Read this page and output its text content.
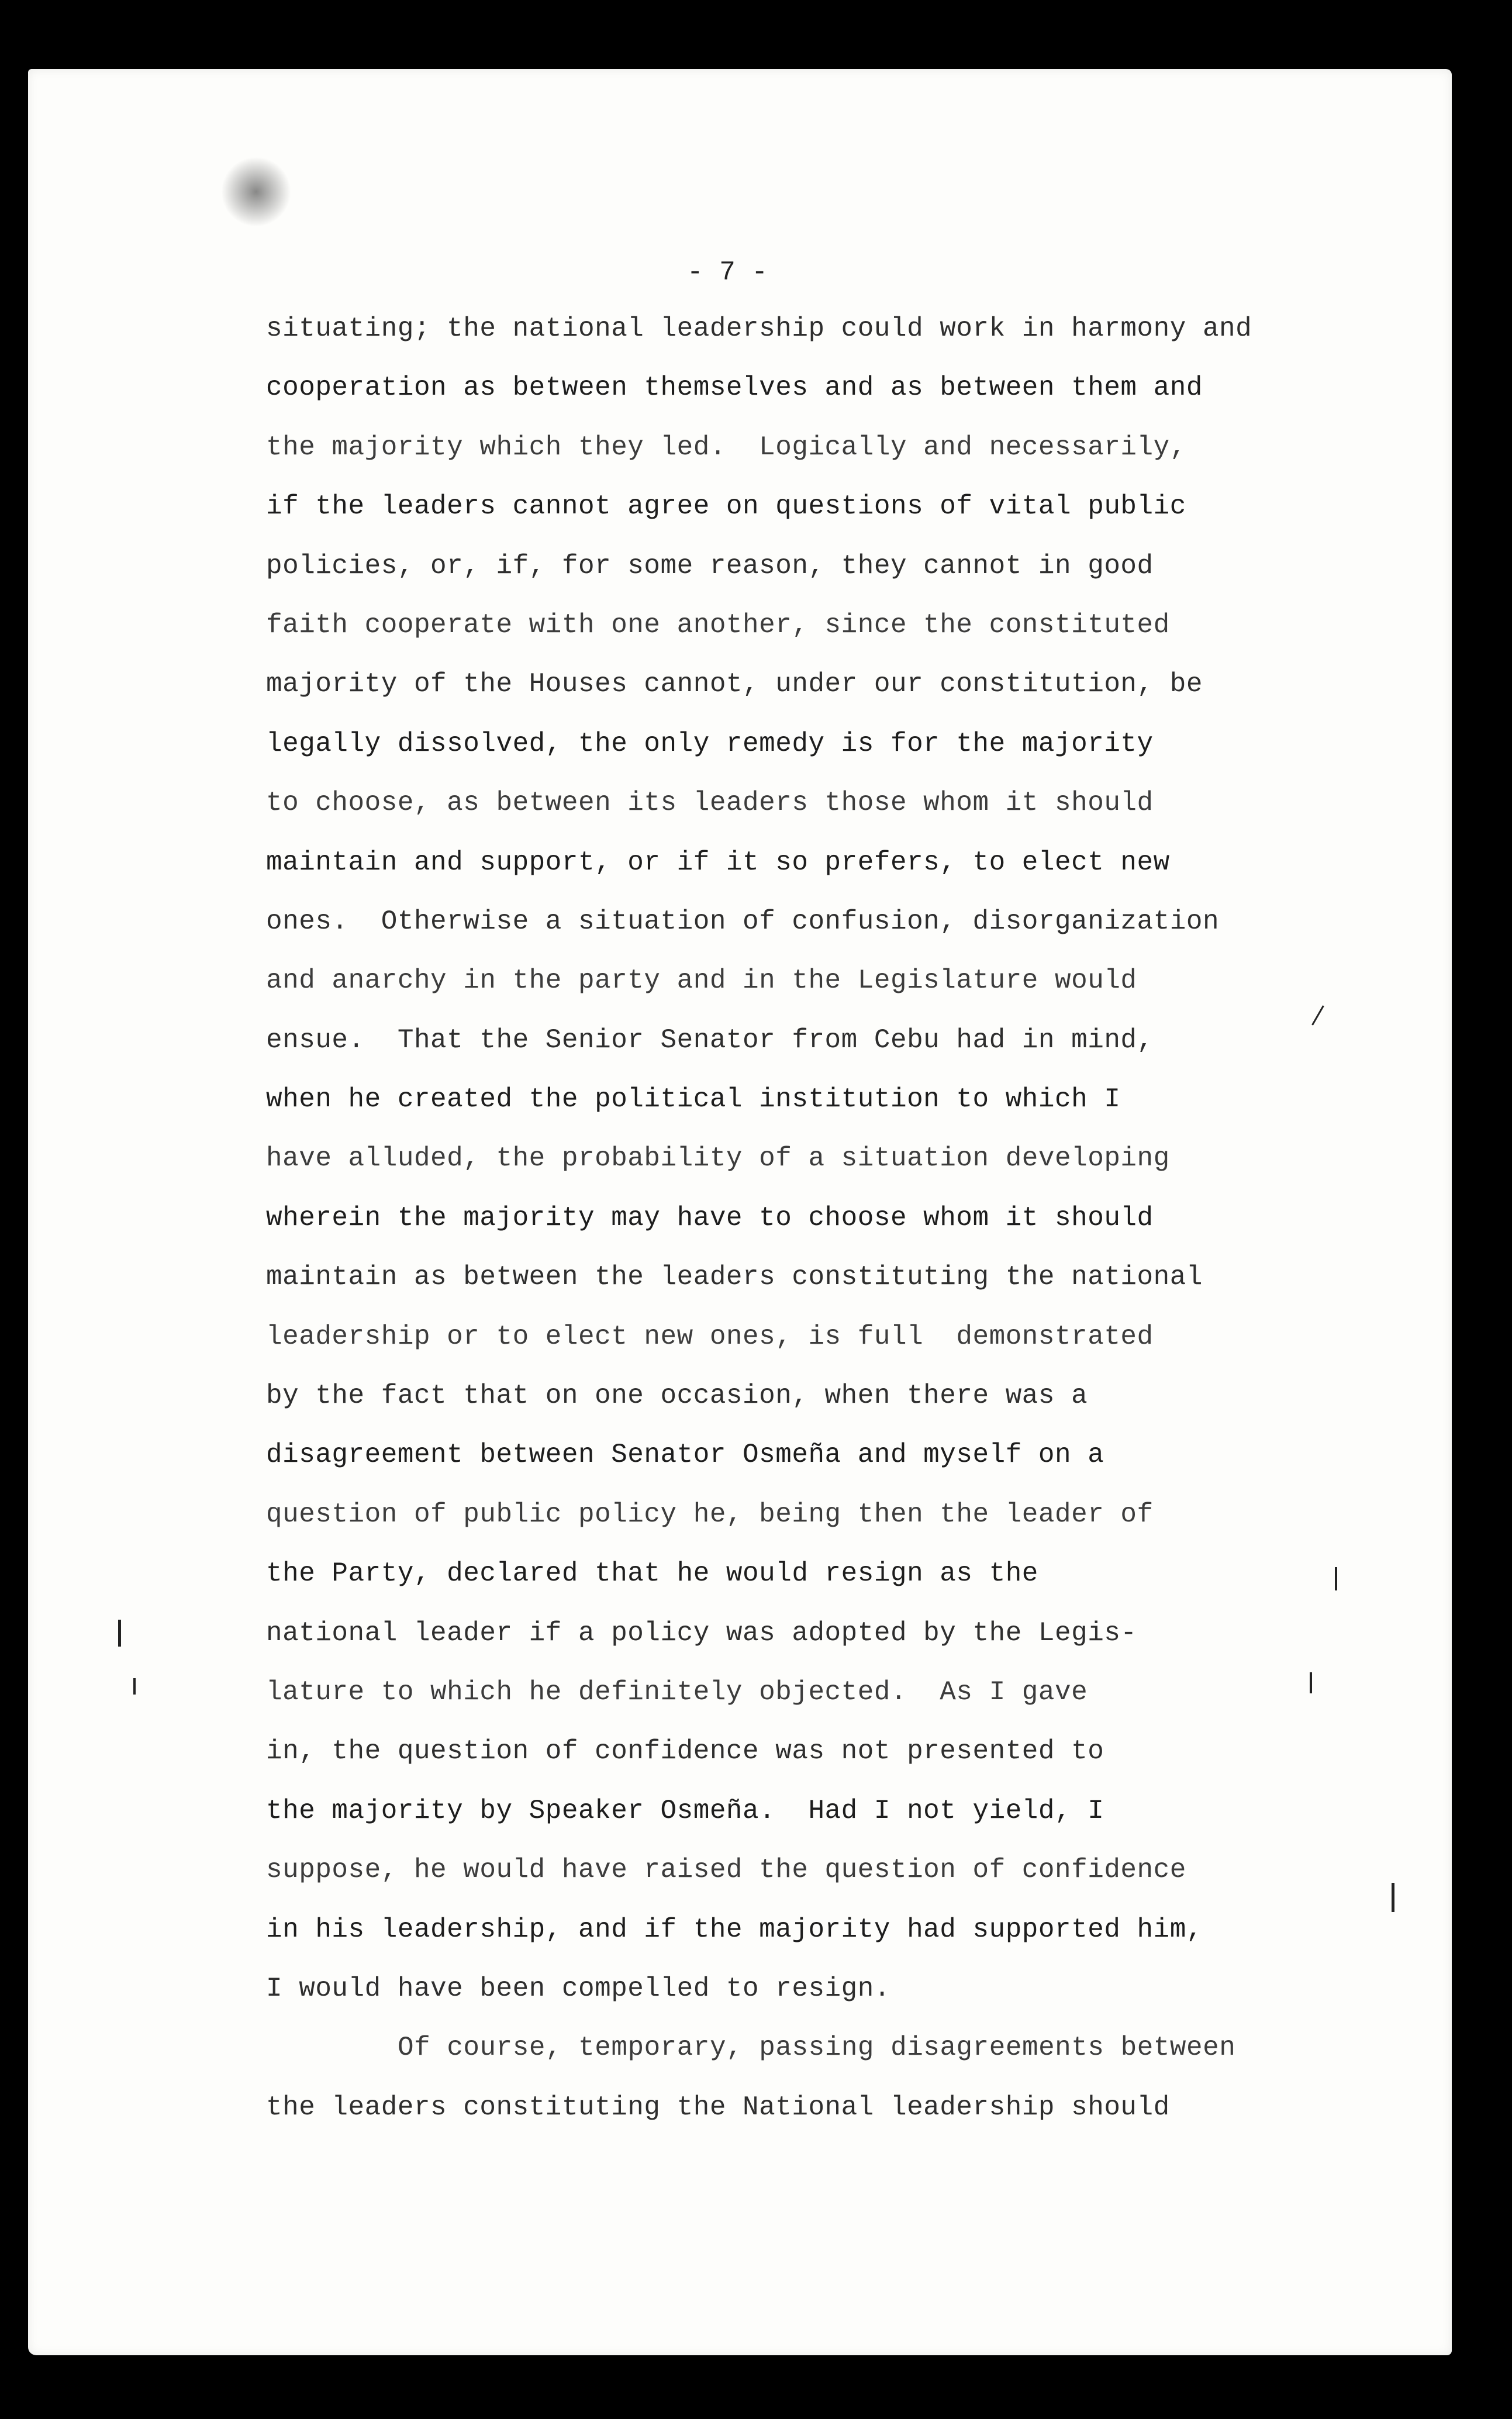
- 7 -
situating; the national leadership could work in harmony and
cooperation as between themselves and as between them and
the majority which they led.  Logically and necessarily,
if the leaders cannot agree on questions of vital public
policies, or, if, for some reason, they cannot in good
faith cooperate with one another, since the constituted
majority of the Houses cannot, under our constitution, be
legally dissolved, the only remedy is for the majority
to choose, as between its leaders those whom it should
maintain and support, or if it so prefers, to elect new
ones.  Otherwise a situation of confusion, disorganization
and anarchy in the party and in the Legislature would
ensue.  That the Senior Senator from Cebu had in mind,
when he created the political institution to which I
have alluded, the probability of a situation developing
wherein the majority may have to choose whom it should
maintain as between the leaders constituting the national
leadership or to elect new ones, is full  demonstrated
by the fact that on one occasion, when there was a
disagreement between Senator Osmeña and myself on a
question of public policy he, being then the leader of
the Party, declared that he would resign as the
national leader if a policy was adopted by the Legis-
lature to which he definitely objected.  As I gave
in, the question of confidence was not presented to
the majority by Speaker Osmeña.  Had I not yield, I
suppose, he would have raised the question of confidence
in his leadership, and if the majority had supported him,
I would have been compelled to resign.
Of course, temporary, passing disagreements between
the leaders constituting the National leadership should
